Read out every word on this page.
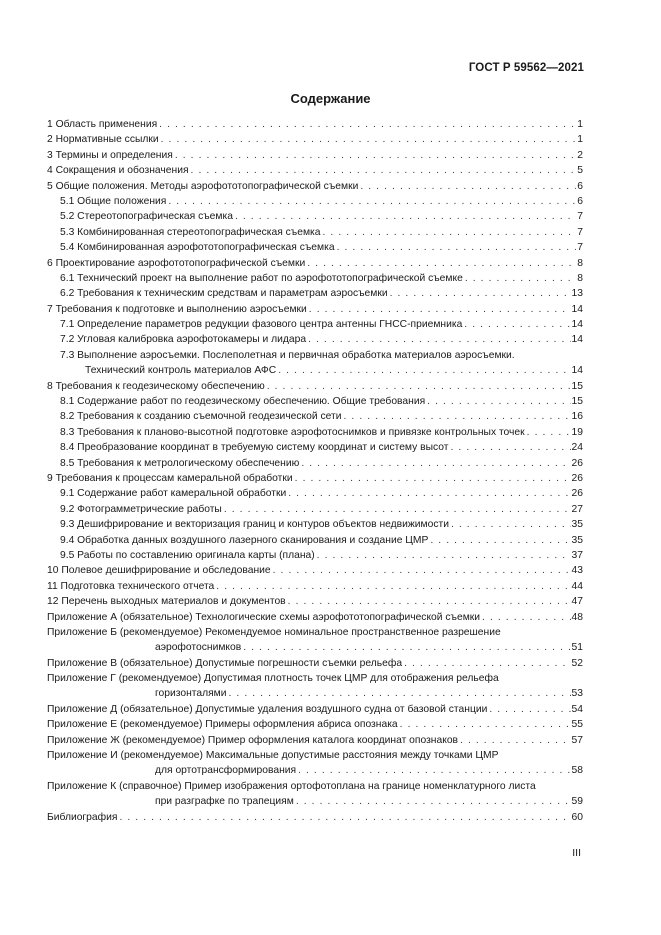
ГОСТ Р 59562—2021
Содержание
1 Область применения . . .	1
2 Нормативные ссылки . . .	1
3 Термины и определения . . .	2
4 Сокращения и обозначения . . .	5
5 Общие положения. Методы аэрофототопографической съемки . . .	6
5.1 Общие положения . . .	6
5.2 Стереотопографическая съемка . . .	7
5.3 Комбинированная стереотопографическая съемка . . .	7
5.4 Комбинированная аэрофототопографическая съемка . . .	7
6 Проектирование аэрофототопографической съемки . . .	8
6.1 Технический проект на выполнение работ по аэрофототопографической съемке . . .	8
6.2 Требования к техническим средствам и параметрам аэросъемки . . .	13
7 Требования к подготовке и выполнению аэросъемки . . .	14
7.1 Определение параметров редукции фазового центра антенны ГНСС-приемника . . .	14
7.2 Угловая калибровка аэрофотокамеры и лидара . . .	14
7.3 Выполнение аэросъемки. Послеполетная и первичная обработка материалов аэросъемки.
Технический контроль материалов АФС . . .	14
8 Требования к геодезическому обеспечению . . .	15
8.1 Содержание работ по геодезическому обеспечению. Общие требования . . .	15
8.2 Требования к созданию съемочной геодезической сети . . .	16
8.3 Требования к планово-высотной подготовке аэрофотоснимков и привязке контрольных точек . . .	19
8.4 Преобразование координат в требуемую систему координат и систему высот . . .	24
8.5 Требования к метрологическому обеспечению . . .	26
9 Требования к процессам камеральной обработки . . .	26
9.1 Содержание работ камеральной обработки . . .	26
9.2 Фотограмметрические работы . . .	27
9.3 Дешифрирование и векторизация границ и контуров объектов недвижимости . . .	35
9.4 Обработка данных воздушного лазерного сканирования и создание ЦМР . . .	35
9.5 Работы по составлению оригинала карты (плана) . . .	37
10 Полевое дешифрирование и обследование . . .	43
11 Подготовка технического отчета . . .	44
12 Перечень выходных материалов и документов . . .	47
Приложение А (обязательное) Технологические схемы аэрофототопографической съемки . . .	48
Приложение Б (рекомендуемое) Рекомендуемое номинальное пространственное разрешение
аэрофотоснимков . . .	51
Приложение В (обязательное) Допустимые погрешности съемки рельефа . . .	52
Приложение Г (рекомендуемое) Допустимая плотность точек ЦМР для отображения рельефа
горизонталями . . .	53
Приложение Д (обязательное) Допустимые удаления воздушного судна от базовой станции . . .	54
Приложение Е (рекомендуемое) Примеры оформления абриса опознака . . .	55
Приложение Ж (рекомендуемое) Пример оформления каталога координат опознаков . . .	57
Приложение И (рекомендуемое) Максимальные допустимые расстояния между точками ЦМР
для ортотрансформирования . . .	58
Приложение К (справочное) Пример изображения ортофотоплана на границе номенклатурного листа
при разграфке по трапециям . . .	59
Библиография . . .	60
III
